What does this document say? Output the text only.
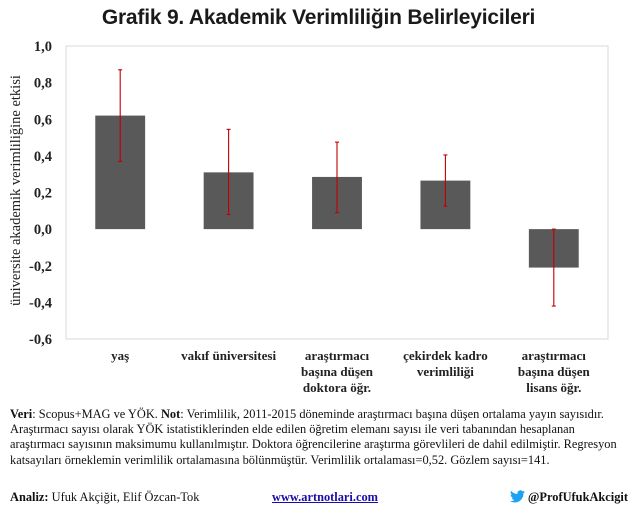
Grafik 9. Akademik Verimliliğin Belirleyicileri
1,0
0,8
0,6
0,4
0,2
0,0
-0,2
-0,4
-0,6
üniversite akademik verimliliğine etkisi
yaş	vakıf üniversitesi araştırmacı başına düşen doktora öğr.
çekirdek kadro verimliliği
araştırmacı başına düşen lisans öğr.
Veri: Scopus+MAG ve YÖK. Not: Verimlilik, 2011-2015 döneminde araştırmacı başına düşen ortalama yayın sayısıdır. Araştırmacı sayısı olarak YÖK istatistiklerinden elde edilen öğretim elemanı sayısı ile veri tabanından hesaplanan araştırmacı sayısının maksimumu kullanılmıştır. Doktora öğrencilerine araştırma görevlileri de dahil edilmiştir. Regresyon katsayıları örneklemin verimlilik ortalamasına bölünmüştür. Verimlilik ortalaması=0,52. Gözlem sayısı=141.
Analiz: Ufuk Akçiğit, Elif Özcan-Tok	www.artnotlari.com	@ProfUfukAkcigit
